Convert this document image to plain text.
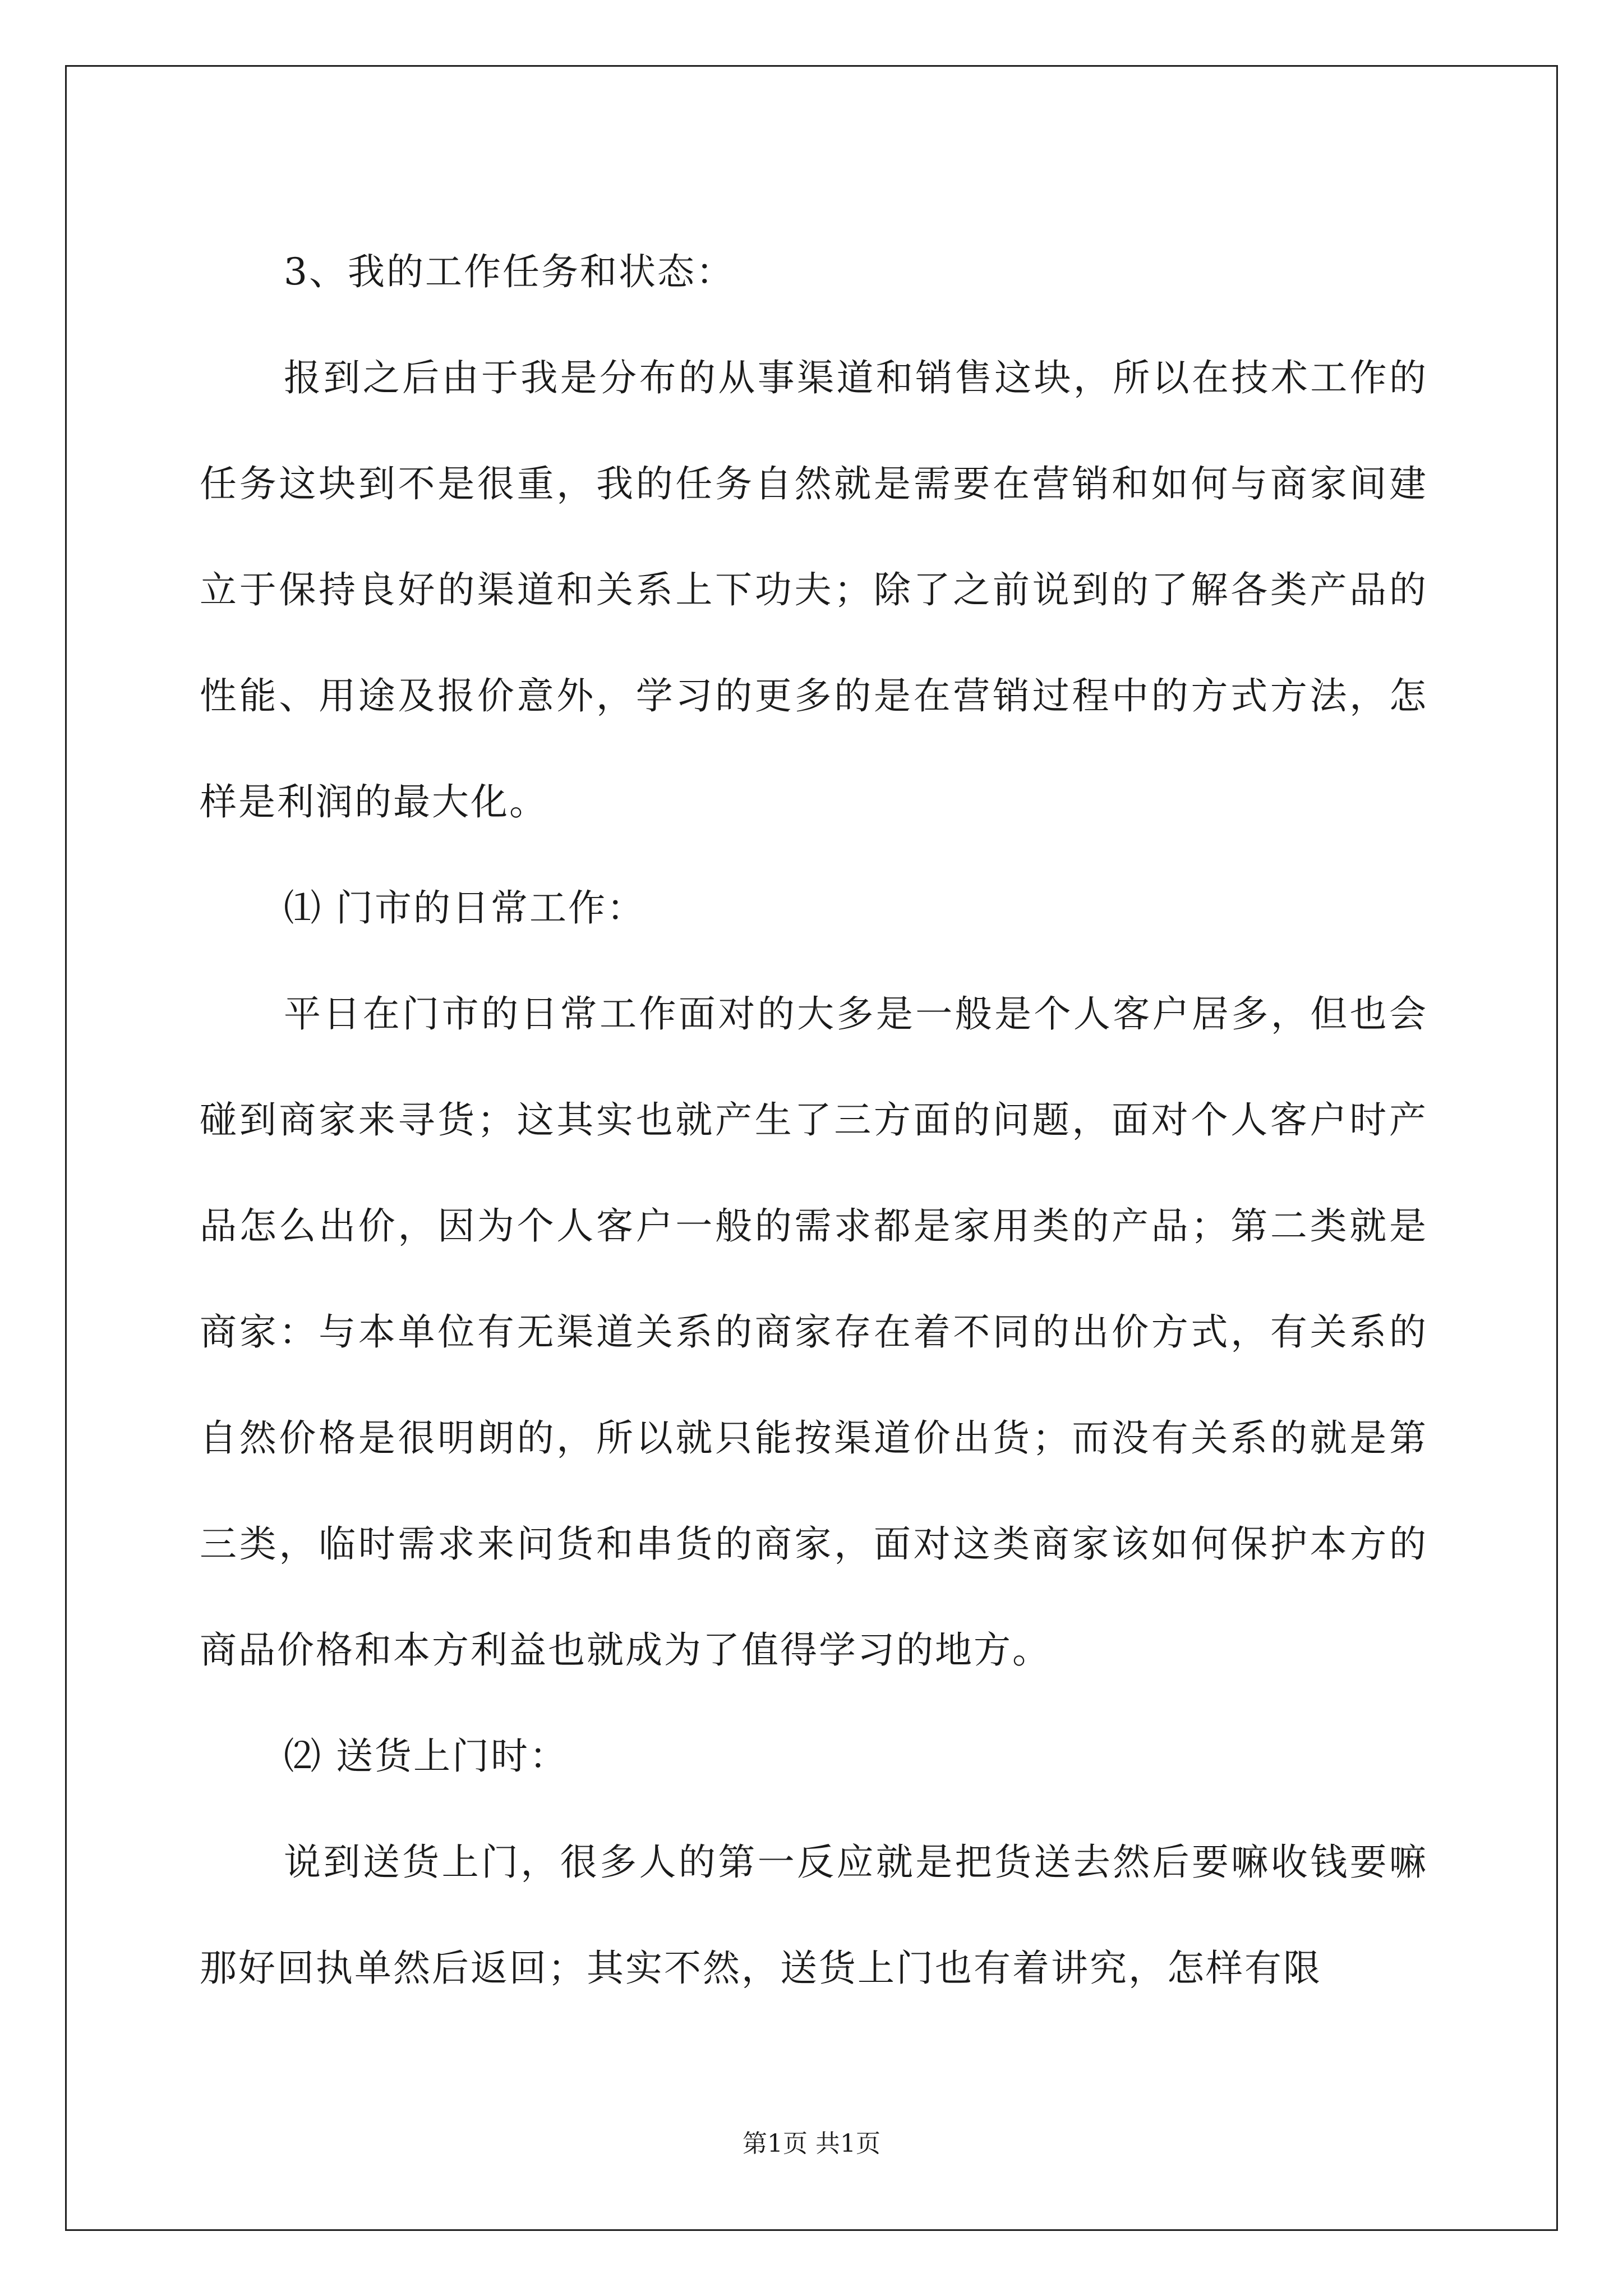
3、我的工作任务和状态：

报到之后由于我是分布的从事渠道和销售这块，所以在技术工作的任务这块到不是很重，我的任务自然就是需要在营销和如何与商家间建立于保持良好的渠道和关系上下功夫；除了之前说到的了解各类产品的性能、用途及报价意外，学习的更多的是在营销过程中的方式方法，怎样是利润的最大化。

⑴ 门市的日常工作：

平日在门市的日常工作面对的大多是一般是个人客户居多，但也会碰到商家来寻货；这其实也就产生了三方面的问题，面对个人客户时产品怎么出价，因为个人客户一般的需求都是家用类的产品；第二类就是商家：与本单位有无渠道关系的商家存在着不同的出价方式，有关系的自然价格是很明朗的，所以就只能按渠道价出货；而没有关系的就是第三类，临时需求来问货和串货的商家，面对这类商家该如何保护本方的商品价格和本方利益也就成为了值得学习的地方。

⑵ 送货上门时：

说到送货上门，很多人的第一反应就是把货送去然后要嘛收钱要嘛那好回执单然后返回；其实不然，送货上门也有着讲究，怎样有限

第1页 共1页
